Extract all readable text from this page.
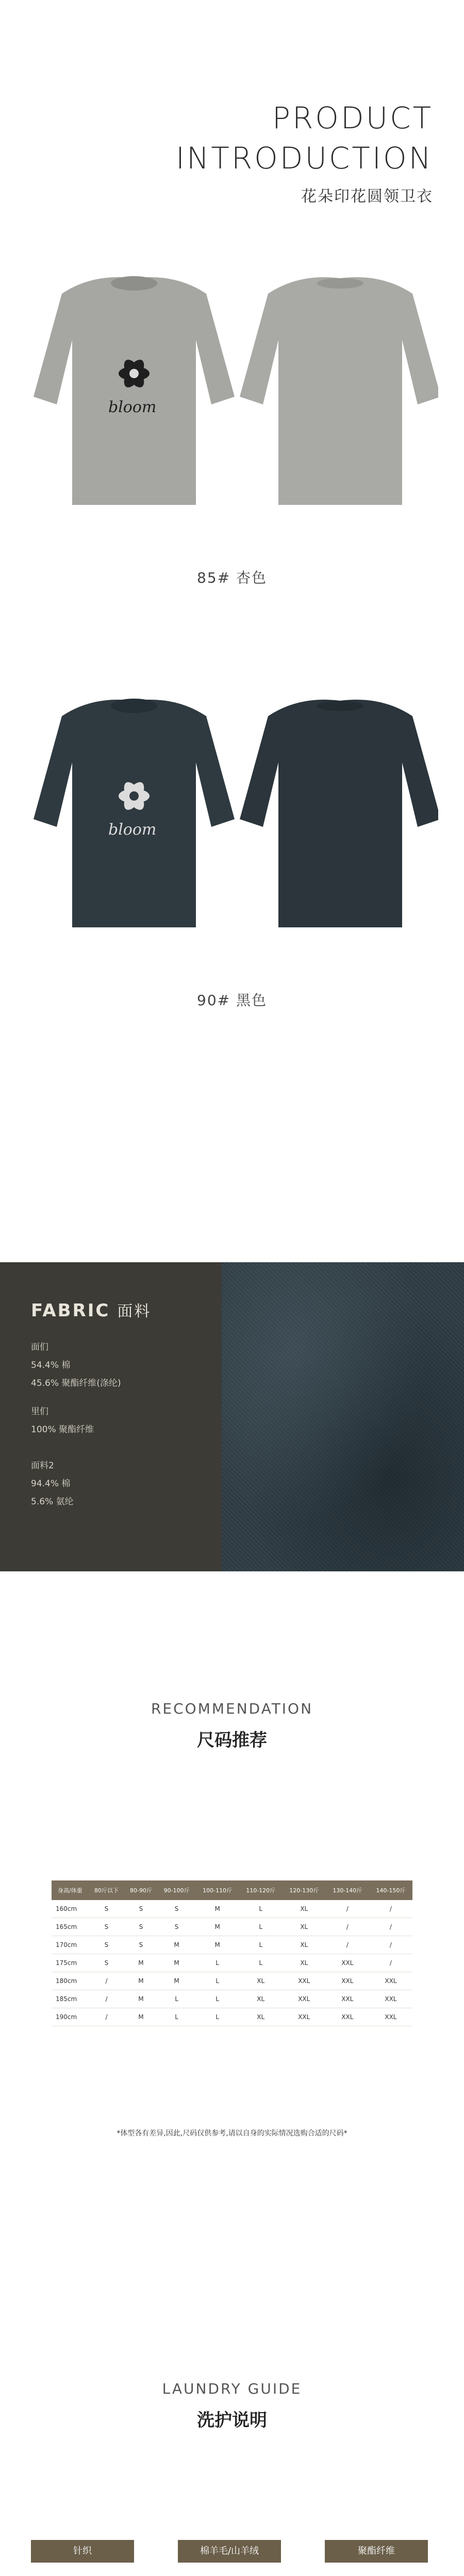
PRODUCT
INTRODUCTION
花朵印花圆领卫衣
bloom
85# 杏色
bloom
90# 黑色
FABRIC 面料
面们
54.4% 棉
45.6% 聚酯纤维(涤纶)
里们
100% 聚酯纤维
面料2
94.4% 棉
5.6% 氨纶
RECOMMENDATION
尺码推荐
身高/体重	80斤以下	80-90斤	90-100斤	100-110斤	110-120斤	120-130斤	130-140斤	140-150斤
160cm	S	S	S	M	L	XL	/	/
165cm	S	S	S	M	L	XL	/	/
170cm	S	S	M	M	L	XL	/	/
175cm	S	M	M	L	L	XL	XXL	/
180cm	/	M	M	L	XL	XXL	XXL	XXL
185cm	/	M	L	L	XL	XXL	XXL	XXL
190cm	/	M	L	L	XL	XXL	XXL	XXL
*体型各有差异,因此,尺码仅供参考,请以自身的实际情况选购合适的尺码*
LAUNDRY GUIDE
洗护说明
针织	棉羊毛/山羊绒	聚酯纤维
